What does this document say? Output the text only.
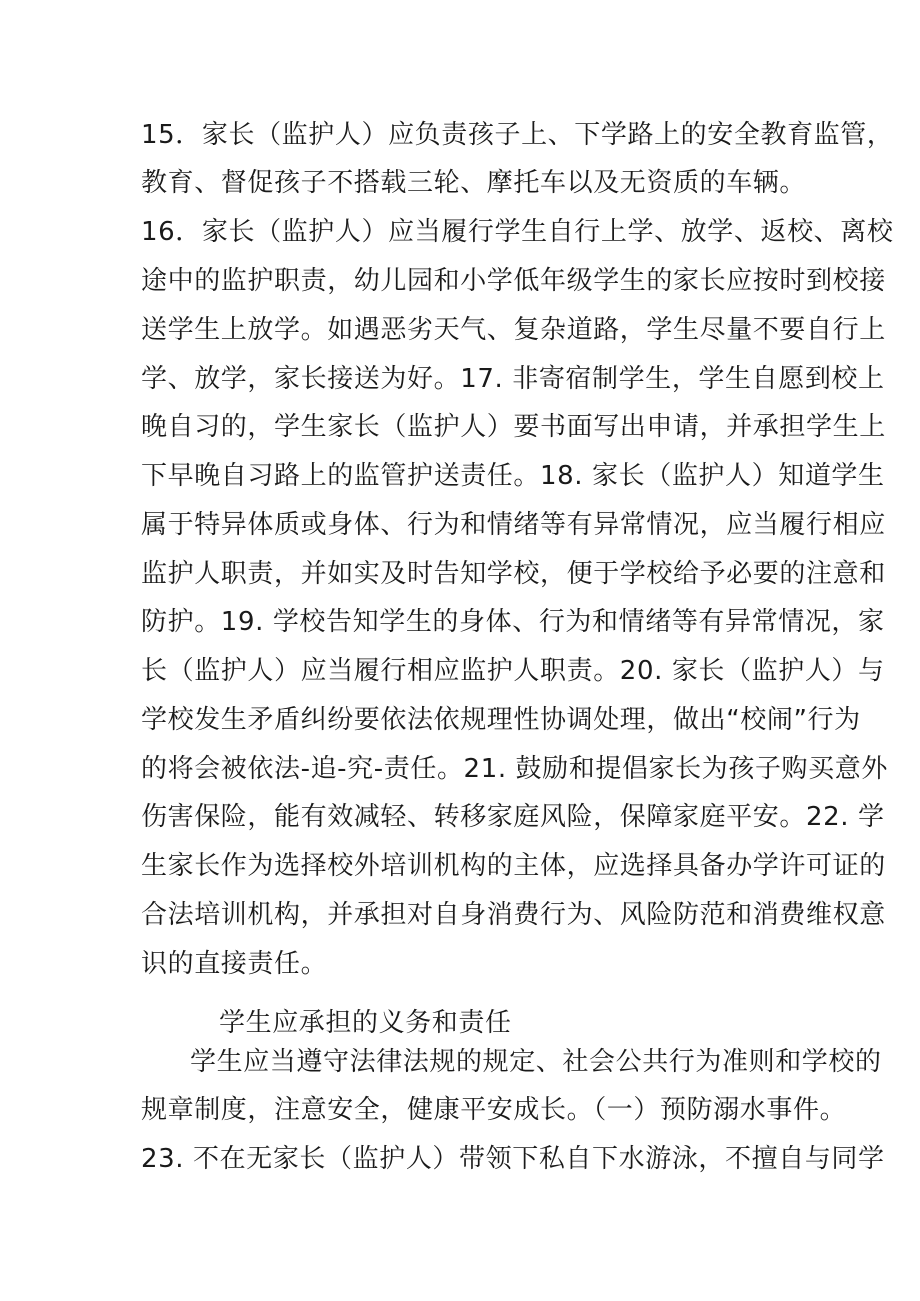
15．家长（监护人）应负责孩子上、下学路上的安全教育监管，
教育、督促孩子不搭载三轮、摩托车以及无资质的车辆。
16．家长（监护人）应当履行学生自行上学、放学、返校、离校
途中的监护职责，幼儿园和小学低年级学生的家长应按时到校接
送学生上放学。如遇恶劣天气、复杂道路，学生尽量不要自行上
学、放学，家长接送为好。17. 非寄宿制学生，学生自愿到校上
晚自习的，学生家长（监护人）要书面写出申请，并承担学生上
下早晚自习路上的监管护送责任。18. 家长（监护人）知道学生
属于特异体质或身体、行为和情绪等有异常情况，应当履行相应
监护人职责，并如实及时告知学校，便于学校给予必要的注意和
防护。19. 学校告知学生的身体、行为和情绪等有异常情况，家
长（监护人）应当履行相应监护人职责。20. 家长（监护人）与
学校发生矛盾纠纷要依法依规理性协调处理，做出“校闹”行为
的将会被依法-追-究-责任。21. 鼓励和提倡家长为孩子购买意外
伤害保险，能有效减轻、转移家庭风险，保障家庭平安。22. 学
生家长作为选择校外培训机构的主体，应选择具备办学许可证的
合法培训机构，并承担对自身消费行为、风险防范和消费维权意
识的直接责任。
学生应承担的义务和责任
学生应当遵守法律法规的规定、社会公共行为准则和学校的
规章制度，注意安全，健康平安成长。（一）预防溺水事件。
23. 不在无家长（监护人）带领下私自下水游泳，不擅自与同学
